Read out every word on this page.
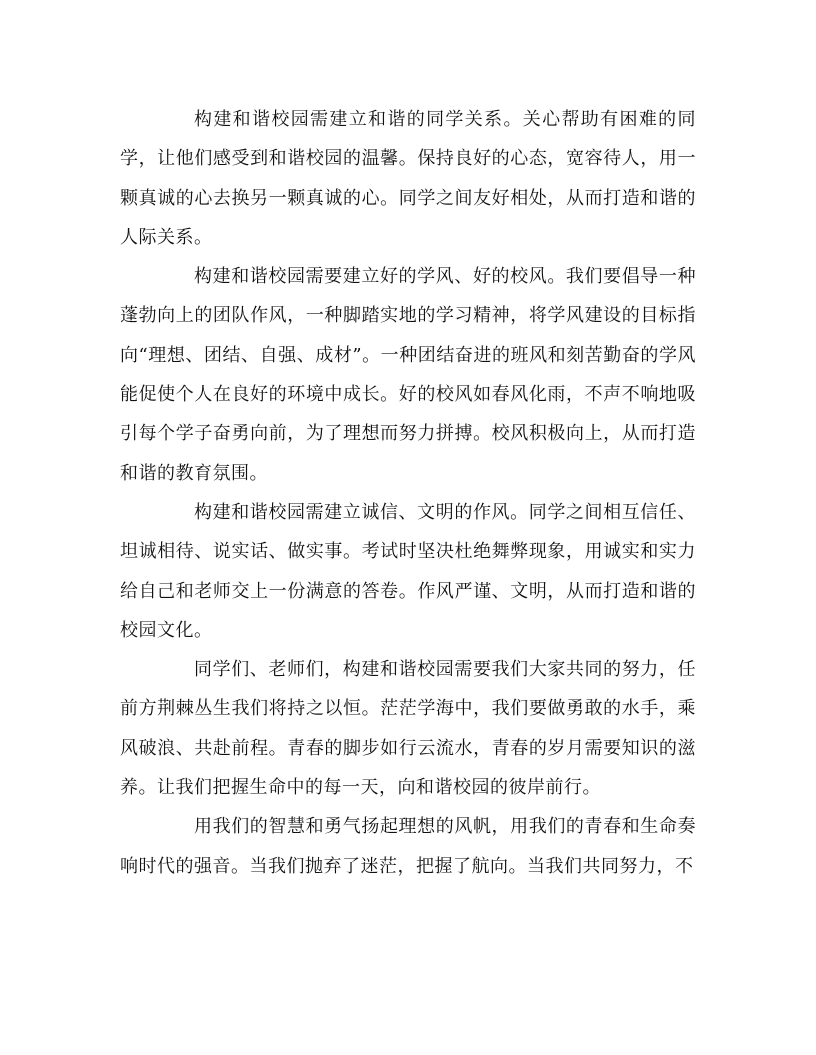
构建和谐校园需建立和谐的同学关系。关心帮助有困难的同学，让他们感受到和谐校园的温馨。保持良好的心态，宽容待人，用一颗真诚的心去换另一颗真诚的心。同学之间友好相处，从而打造和谐的人际关系。

构建和谐校园需要建立好的学风、好的校风。我们要倡导一种蓬勃向上的团队作风，一种脚踏实地的学习精神，将学风建设的目标指向“理想、团结、自强、成材”。一种团结奋进的班风和刻苦勤奋的学风能促使个人在良好的环境中成长。好的校风如春风化雨，不声不响地吸引每个学子奋勇向前，为了理想而努力拼搏。校风积极向上，从而打造和谐的教育氛围。

构建和谐校园需建立诚信、文明的作风。同学之间相互信任、坦诚相待、说实话、做实事。考试时坚决杜绝舞弊现象，用诚实和实力给自己和老师交上一份满意的答卷。作风严谨、文明，从而打造和谐的校园文化。

同学们、老师们，构建和谐校园需要我们大家共同的努力，任前方荆棘丛生我们将持之以恒。茫茫学海中，我们要做勇敢的水手，乘风破浪、共赴前程。青春的脚步如行云流水，青春的岁月需要知识的滋养。让我们把握生命中的每一天，向和谐校园的彼岸前行。

用我们的智慧和勇气扬起理想的风帆，用我们的青春和生命奏响时代的强音。当我们抛弃了迷茫，把握了航向。当我们共同努力，不
